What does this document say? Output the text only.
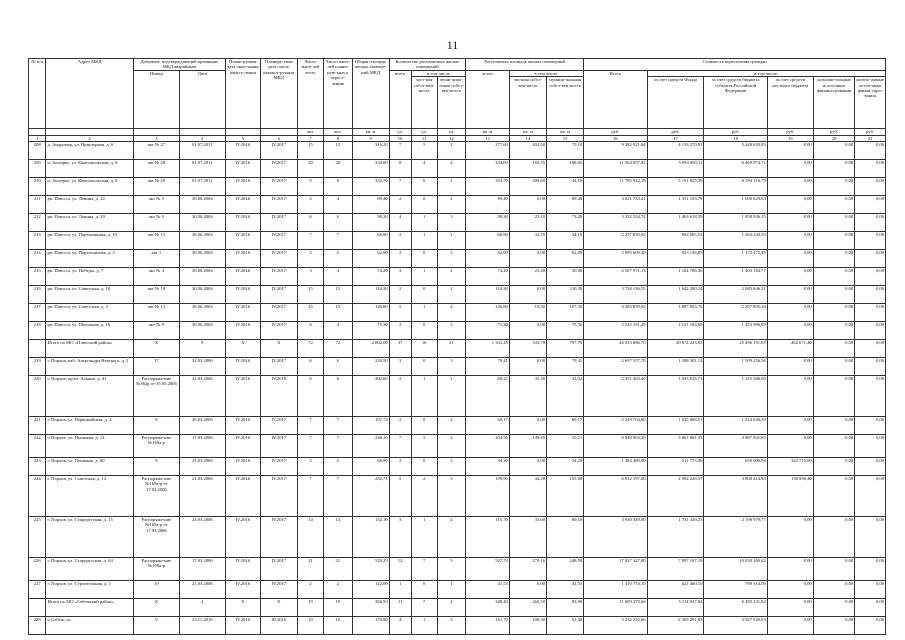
11
№ п/п	Адрес МКД	Документ, подтверждающий признание МКД аварийным		Плани-руемая дата окон-чания пересе-ления	Планиру-емая дата сноса/ реконст-рукции МКД	Число жите-лей всего	Число жите-лей плани-рую-мых к пересе-лению	Общая площадь жилых помеще-ний МКД	Количество расселяемых жилых помещений			Расселяемая площадь жилых помещений			Стоимость переселения граждан					
		Номер	Дата						всего	в том числе		всего	в том числе:		Всего	в том числе:				
										част-ная собст-вен-ность	муни-ципа-льная собст-вен-ность		частная собст-вен-ность	муници-пальная собст-вен-ность		за счет средств Фонда	за счет средств бюджета субъекта Российской Федерации	за счет средств местного бюджета	дополни-тельные источ-ники финанси-рования	необхо-димые источ-ники финан-сиро-вания
						чел.	чел.	кв. м	ед.	ед.	ед.	кв. м	кв. м	кв. м	руб.	руб.	руб.	руб.	руб.	руб.
1	2	3	4	5	6	7	8	9	10	11	12	13	14	15	16	17	18	19	20	21
208	д. Андромер, ул. Приозерная, д. 6	акт № 27	01.07.2011	IV.2016	IV.2017	15	15	316,20	7	5	2	277,60	202,50	75,10	9 382 921,64	4 133 270,81	5 249 650,83	0,00	0,00	0,00
209	п. Заозерье, ул. Комсомольская, д. 6	акт № 28	01.07.2011	IV.2016	IV.2017	20	20	334,00	8	4	4	334,00	165,35	168,65	11 564 057,82	5 094 083,11	6 469 974,71	0,00	0,00	0,00
210	п. Заозерье, ул. Комсомольская, д. 8	акт № 29	01.07.2011	IV.2016	IV.2017	8	8	352,70	7	6	1	353,70	309,60	44,10	11 785 942,18	5 191 825,39	6 594 116,79	0,00	0,00	0,00
211	рп. Плюсса, ул. Ленина, д. 22	акт № 5	30.06.2004	IV.2016	IV.2017	4	4	89,40	2	0	2	89,40	0,00	89,40	3 021 733,41	1 331 103,78	1 690 629,63	0,00	0,00	0,00
212	рп. Плюсса, ул. Ленина, д. 29	акт № 9	30.06.2004	IV.2016	IV.2017	6	6	98,30	4	1	3	98,30	25,10	73,20	3 332 554,74	1 463 618,59	1 858 936,15	0,00	0,00	0,00
213	рп. Плюсса, ул. Партизанская, д. 10	акт № 15	30.06.2004	IV.2016	IV.2017	7	7	66,80	2	1	1	66,80	32,70	34,10	2 257 850,02	994 605,52	1 263 244,50	0,00	0,00	0,00
214	рп. Плюсса, ул. Партизанская, д. 2	акт 1	30.06.2004	IV.2016	IV.2017	2	2	62,00	2	0	2	62,00	0,00	62,00	2 095 609,30	923 136,85	1 172 472,45	0,00	0,00	0,00
215	рп. Плюсса, ул. Победы, д. 7	акт № 4	30.06.2004	IV.2016	IV.2017	3	3	74,20	3	1	2	74,20	23,40	50,80	2 507 971,13	1 104 786,36	1 403 184,77	0,00	0,00	0,00
216	рп. Плюсса, ул. Советская, д. 18	акт № 18	30.06.2004	IV.2016	IV.2017	15	15	110,30	2	0	2	110,30	0,00	110,30	3 728 136,55	1 642 290,24	2 085 846,31	0,00	0,00	0,00
217	рп. Плюсса, ул. Советская, д. 3	акт № 13	30.06.2004	IV.2016	IV.2017	15	15	126,80	5	1	4	126,80	19,50	107,30	4 285 859,02	1 887 963,76	2 397 895,26	0,00	0,00	0,00
218	рп. Плюсса, ул. Школьная, д. 16	акт № 8	30.06.2004	IV.2016	IV.2017	4	4	75,30	2	0	2	75,30	0,00	75,30	2 545 151,29	1 121 184,60	1 423 986,69	0,00	0,00	0,00
	Итого по МО «Плюсский район»	X	9	X	X	72	72	2 002,00	37	16	21	1 341,49	543,79	797,70	46 033 086,70	20 074 223,65	25 496 191,65	462 671,40	0,00	0,00
219	г. Порхов, наб. Александра Невского, д. 2	17	21.03.2006	IV.2016	IV.2017	6	6	220,50	3	0	3	79,41	0,00	79,41	2 697 557,70	1 188 301,14	1 509 256,56	0,00	0,00	0,00
220	г. Порхов, пр-кт. Ленина, д. 41	Распоряже-ние №362р от 15.05.2006	22.03.2006	IV.2016	IV.2018	6	6	202,60	2	1	1	69,22	35,30	33,92	2 351 403,40	1 035 816,71	1 315 586,69	0,00	0,00	0,00
221	г. Порхов, ул. Первомайская, д. 2	8	20.03.2006	IV.2016	IV.2017	7	7	197,74	2	0	2	69,17	0,00	69,17	2 349 704,90	1 035 068,51	1 314 636,39	0,00	0,00	0,00
222	г. Порхов, ул. Пушкина, д. 14	Распоряже-ние №169а-р	17.03.2006	IV.2016	IV.2017	7	7	246,16	7	5	2	204,56	149,45	55,11	6 948 903,20	3 061 061,35	3 887 841,85	0,00	0,00	0,00
223	г. Порхов, ул. Пушкина, д. 60	9	21.03.2006	IV.2016	IV.2017	2	2	68,90	2	0	2	34,20	0,00	34,20	1 484 489,00	511 773,06	650 000,94	322 715,00	0,00	0,00
224	г. Порхов, ул. Советская, д. 12	Распоряже-ние №169а-р от 17.03.2006	21.03.2006	IV.2016	IV.2017	7	7	282,71	5	2	3	199,96	44,28	155,68	6 932 597,60	2 992 226,37	3 800 414,83	139 956,40	0,00	0,00
225	г. Порхов, ул. Старорусская, д. 15	Распоряже-ние №169а-р от 17.03.2006	23.03.2006	IV.2016	IV.2017	14	14	132,10	3	1	2	115,70	35,60	80,10	3 930 329,00	1 731 349,23	2 198 979,77	0,00	0,00	0,00
226	г. Порхов, ул. Старорусская, д. 64	Распоряже-ние №169а-р	17.03.2006	IV.2016	IV.2017	21	21	529,29	12	7	5	527,74	279,16	248,58	17 927 327,80	7 897 167,18	10 030 160,62	0,00	0,00	0,00
227	г. Порхов, ул. Строительная, д. 1	19	21.03.2006	IV.2016	IV.2017	2	2	122,00	1	0	1	41,53	0,00	41,53	1 410 774,10	621 460,10	789 314,00	0,00	0,00	0,00
	Итого по МО «Себежский район»	X	2	X	X	19	19	366,50	11	7	4	349,40	265,50	83,90	11 609 379,66	5 114 047,84	6 495 331,82	0,00	0,00	0,00
228	г. Себеж, ул.	9	25.11.2010	IV.2016	III.2016	10	10	178,80	4	1	3	161,70	100,30	61,40	5 232 210,66	2 305 281,63	2 927 929,03	0,00	0,00	0,00
